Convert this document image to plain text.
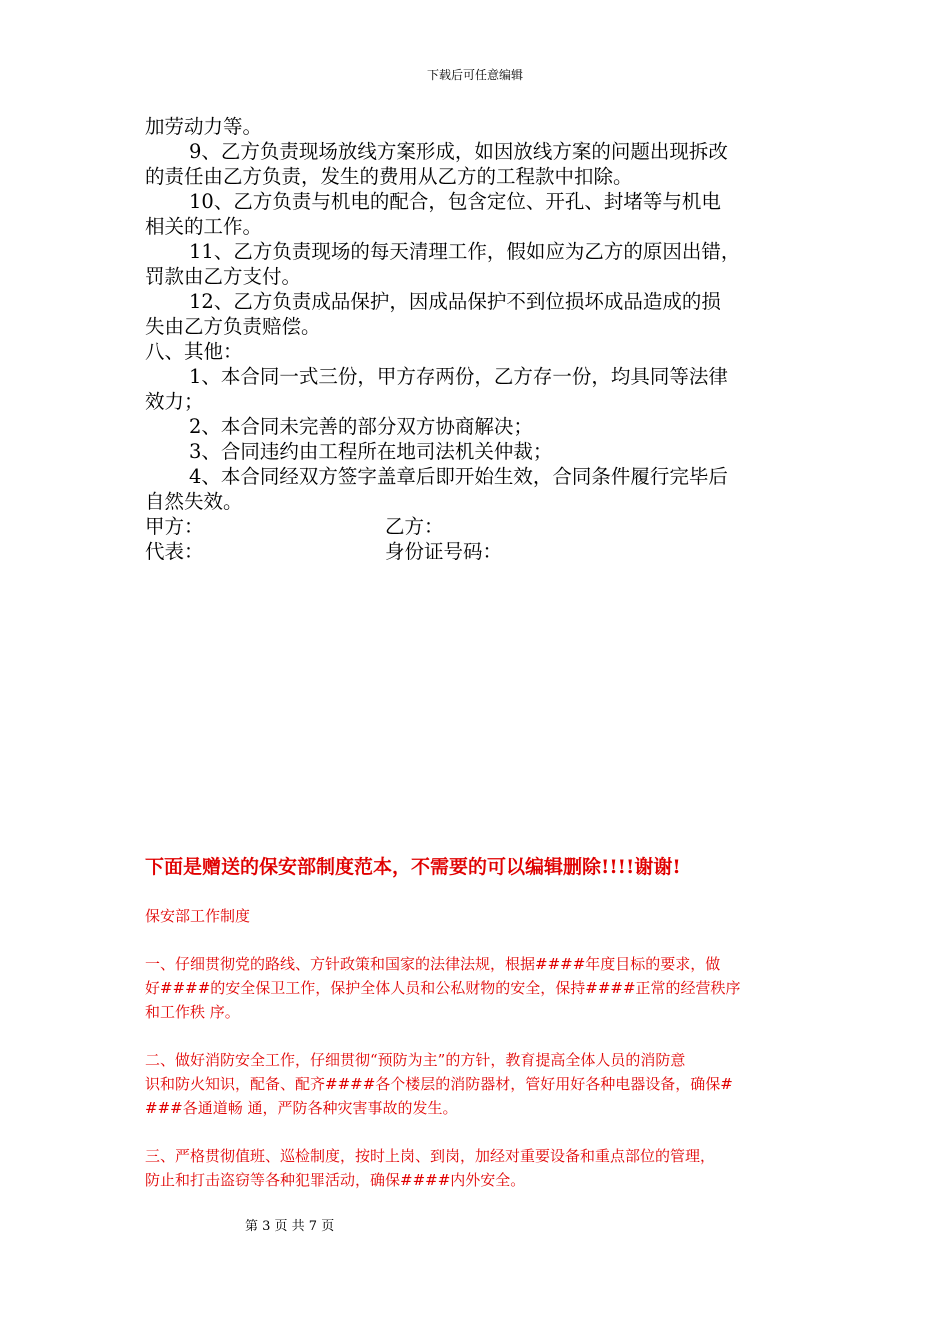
下载后可任意编辑

加劳动力等。

9、乙方负责现场放线方案形成，如因放线方案的问题出现拆改

的责任由乙方负责，发生的费用从乙方的工程款中扣除。

10、乙方负责与机电的配合，包含定位、开孔、封堵等与机电

相关的工作。

11、乙方负责现场的每天清理工作，假如应为乙方的原因出错，

罚款由乙方支付。

12、乙方负责成品保护，因成品保护不到位损坏成品造成的损

失由乙方负责赔偿。

八、其他：

1、本合同一式三份，甲方存两份，乙方存一份，均具同等法律

效力；

2、本合同未完善的部分双方协商解决；

3、合同违约由工程所在地司法机关仲裁；

4、本合同经双方签字盖章后即开始生效，合同条件履行完毕后

自然失效。

甲方：	乙方：
代表：	身份证号码：
下面是赠送的保安部制度范本，不需要的可以编辑删除!!!!谢谢!

保安部工作制度

一、仔细贯彻党的路线、方针政策和国家的法律法规，根据####年度目标的要求，做

好####的安全保卫工作，保护全体人员和公私财物的安全，保持####正常的经营秩序

和工作秩 序。

二、做好消防安全工作，仔细贯彻“预防为主”的方针，教育提高全体人员的消防意

识和防火知识，配备、配齐####各个楼层的消防器材，管好用好各种电器设备，确保#

###各通道畅 通，严防各种灾害事故的发生。

三、严格贯彻值班、巡检制度，按时上岗、到岗，加经对重要设备和重点部位的管理，

防止和打击盗窃等各种犯罪活动，确保####内外安全。

第 3 页 共 7 页
